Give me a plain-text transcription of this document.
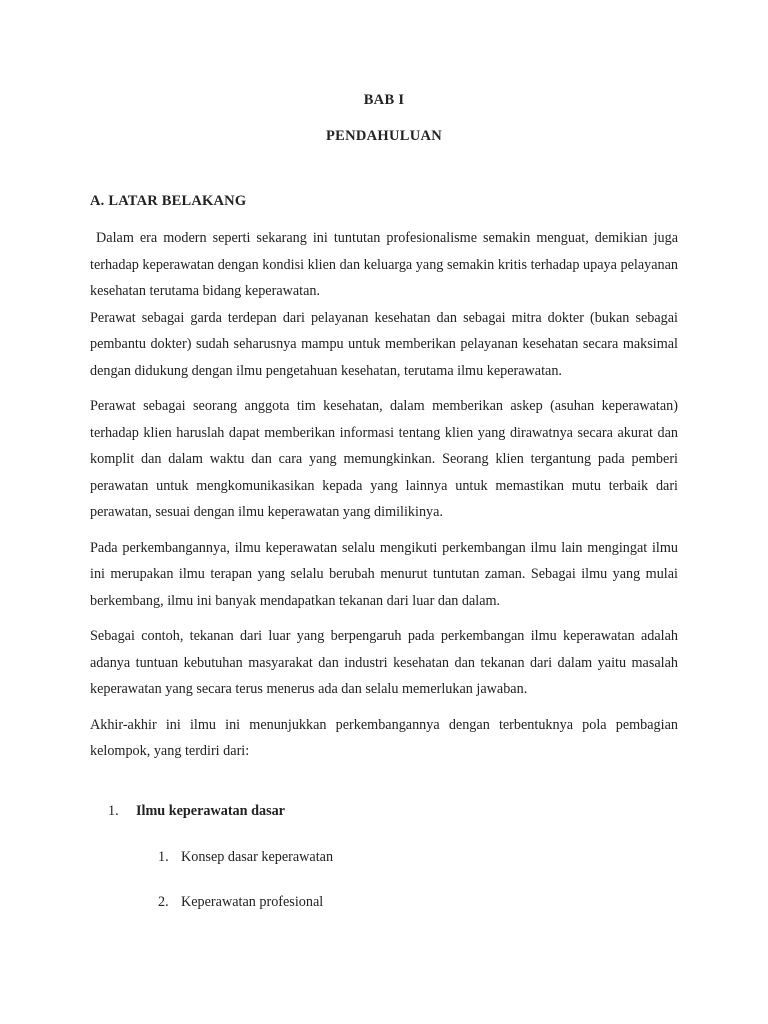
BAB I
PENDAHULUAN
A. LATAR BELAKANG

Dalam era modern seperti sekarang ini tuntutan profesionalisme semakin menguat, demikian juga terhadap keperawatan dengan kondisi klien dan keluarga yang semakin kritis terhadap upaya pelayanan kesehatan terutama bidang keperawatan.

Perawat sebagai garda terdepan dari pelayanan kesehatan dan sebagai mitra dokter (bukan sebagai pembantu dokter) sudah seharusnya mampu untuk memberikan pelayanan kesehatan secara maksimal dengan didukung dengan ilmu pengetahuan kesehatan, terutama ilmu keperawatan.

Perawat sebagai seorang anggota tim kesehatan, dalam memberikan askep (asuhan keperawatan) terhadap klien haruslah dapat memberikan informasi tentang klien yang dirawatnya secara akurat dan komplit dan dalam waktu dan cara yang memungkinkan. Seorang klien tergantung pada pemberi perawatan untuk mengkomunikasikan kepada yang lainnya untuk memastikan mutu terbaik dari perawatan, sesuai dengan ilmu keperawatan yang dimilikinya.

Pada perkembangannya, ilmu keperawatan selalu mengikuti perkembangan ilmu lain mengingat ilmu ini merupakan ilmu terapan yang selalu berubah menurut tuntutan zaman. Sebagai ilmu yang mulai berkembang, ilmu ini banyak mendapatkan tekanan dari luar dan dalam.

Sebagai contoh, tekanan dari luar yang berpengaruh pada perkembangan ilmu keperawatan adalah adanya tuntuan kebutuhan masyarakat dan industri kesehatan dan tekanan dari dalam yaitu masalah keperawatan yang secara terus menerus ada dan selalu memerlukan jawaban.

Akhir-akhir ini ilmu ini menunjukkan perkembangannya dengan terbentuknya pola pembagian kelompok, yang terdiri dari:

1. Ilmu keperawatan dasar
1. Konsep dasar keperawatan
2. Keperawatan profesional
